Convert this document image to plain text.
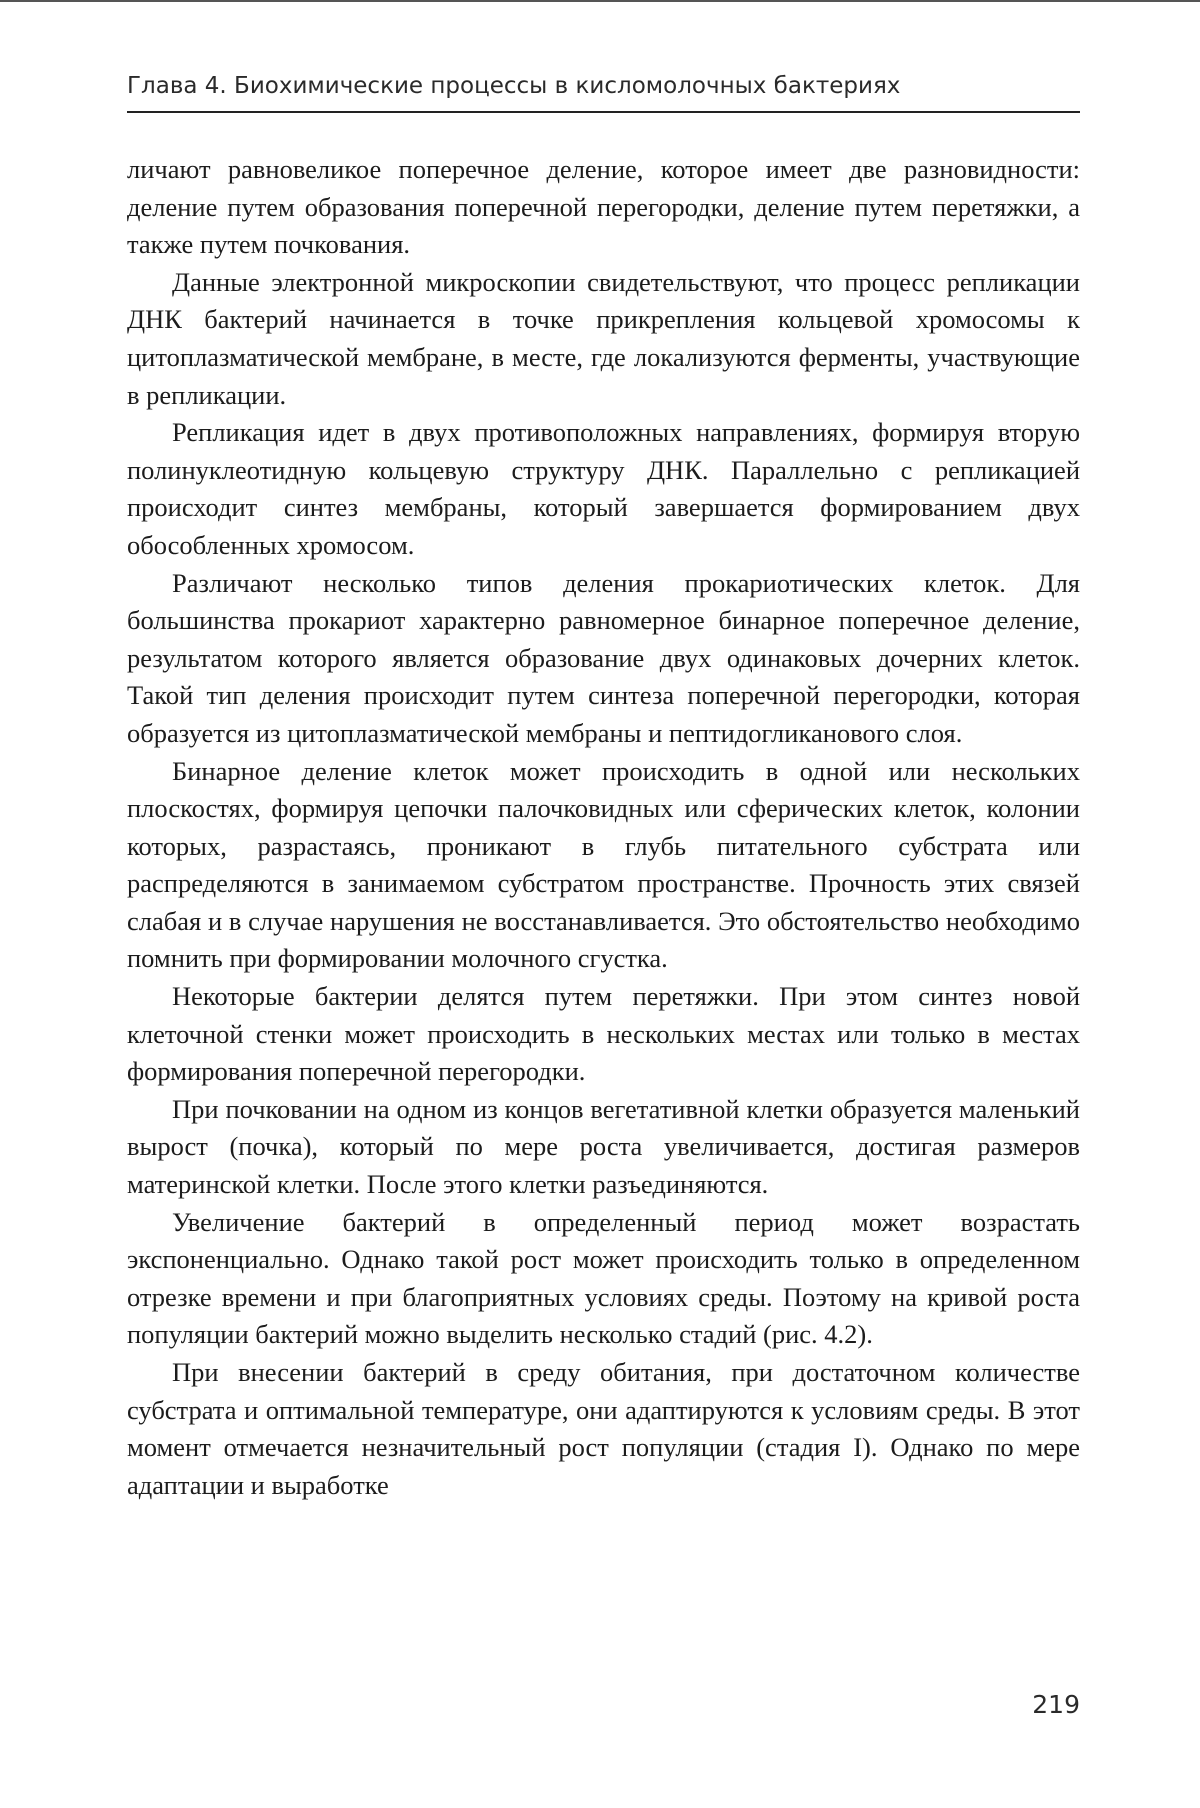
Глава 4. Биохимические процессы в кисломолочных бактериях

личают равновеликое поперечное деление, которое имеет две разновидности: деление путем образования поперечной перегородки, деление путем перетяжки, а также путем почкования.

Данные электронной микроскопии свидетельствуют, что процесс репликации ДНК бактерий начинается в точке прикрепления кольцевой хромосомы к цитоплазматической мембране, в месте, где локализуются ферменты, участвующие в репликации.

Репликация идет в двух противоположных направлениях, формируя вторую полинуклеотидную кольцевую структуру ДНК. Параллельно с репликацией происходит синтез мембраны, который завершается формированием двух обособленных хромосом.

Различают несколько типов деления прокариотических клеток. Для большинства прокариот характерно равномерное бинарное поперечное деление, результатом которого является образование двух одинаковых дочерних клеток. Такой тип деления происходит путем синтеза поперечной перегородки, которая образуется из цитоплазматической мембраны и пептидогликанового слоя.

Бинарное деление клеток может происходить в одной или нескольких плоскостях, формируя цепочки палочковидных или сферических клеток, колонии которых, разрастаясь, проникают в глубь питательного субстрата или распределяются в занимаемом субстратом пространстве. Прочность этих связей слабая и в случае нарушения не восстанавливается. Это обстоятельство необходимо помнить при формировании молочного сгустка.

Некоторые бактерии делятся путем перетяжки. При этом синтез новой клеточной стенки может происходить в нескольких местах или только в местах формирования поперечной перегородки.

При почковании на одном из концов вегетативной клетки образуется маленький вырост (почка), который по мере роста увеличивается, достигая размеров материнской клетки. После этого клетки разъединяются.

Увеличение бактерий в определенный период может возрастать экспоненциально. Однако такой рост может происходить только в определенном отрезке времени и при благоприятных условиях среды. Поэтому на кривой роста популяции бактерий можно выделить несколько стадий (рис. 4.2).

При внесении бактерий в среду обитания, при достаточном количестве субстрата и оптимальной температуре, они адаптируются к условиям среды. В этот момент отмечается незначительный рост популяции (стадия I). Однако по мере адаптации и выработке

219
